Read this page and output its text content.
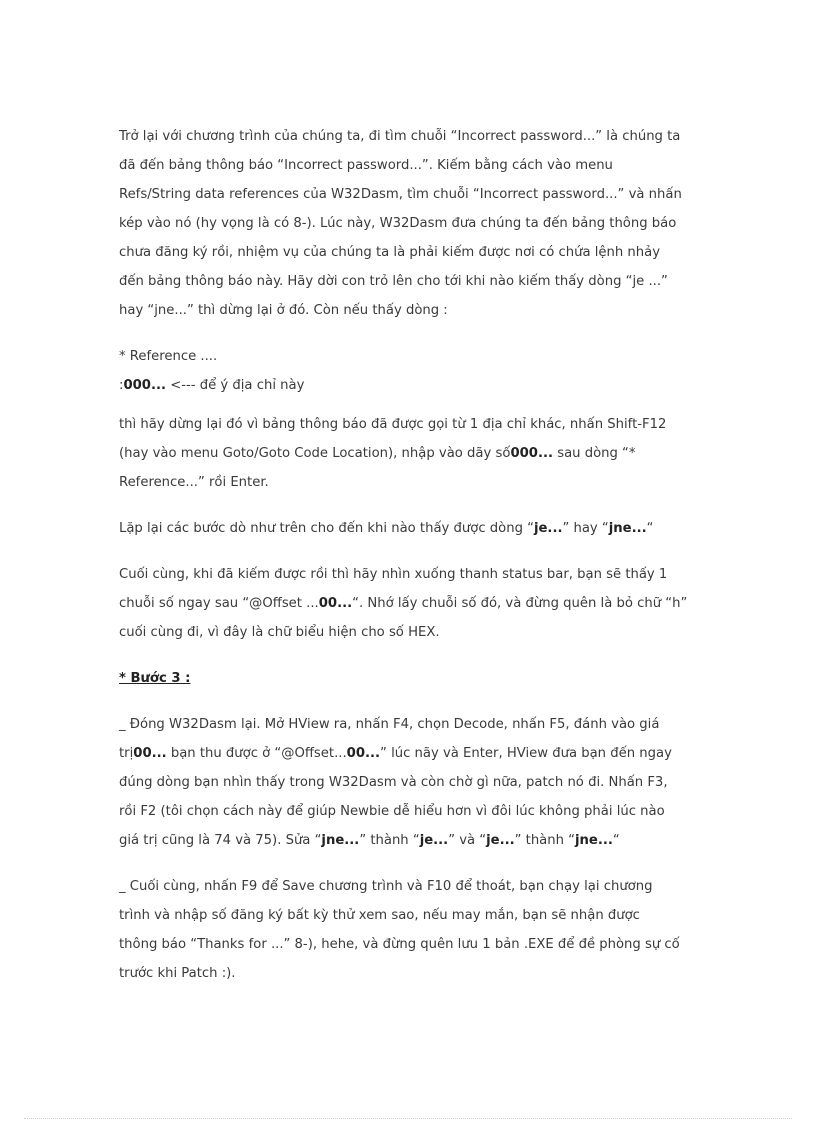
Trở lại với chương trình của chúng ta, đi tìm chuỗi “Incorrect password...” là chúng ta
đã đến bảng thông báo “Incorrect password...”. Kiếm bằng cách vào menu
Refs/String data references của W32Dasm, tìm chuỗi “Incorrect password...” và nhấn
kép vào nó (hy vọng là có 8-). Lúc này, W32Dasm đưa chúng ta đến bảng thông báo
chưa đăng ký rồi, nhiệm vụ của chúng ta là phải kiếm được nơi có chứa lệnh nhảy
đến bảng thông báo này. Hãy dời con trỏ lên cho tới khi nào kiếm thấy dòng “je ...”
hay “jne...” thì dừng lại ở đó. Còn nếu thấy dòng :
* Reference ....
:000... <--- để ý địa chỉ này
thì hãy dừng lại đó vì bảng thông báo đã được gọi từ 1 địa chỉ khác, nhấn Shift-F12
(hay vào menu Goto/Goto Code Location), nhập vào dãy số000... sau dòng “*
Reference...” rồi Enter.
Lặp lại các bước dò như trên cho đến khi nào thấy được dòng “je...” hay “jne...“
Cuối cùng, khi đã kiếm được rồi thì hãy nhìn xuống thanh status bar, bạn sẽ thấy 1
chuỗi số ngay sau “@Offset ...00...“. Nhớ lấy chuỗi số đó, và đừng quên là bỏ chữ “h”
cuối cùng đi, vì đây là chữ biểu hiện cho số HEX.
* Bước 3 :
_ Đóng W32Dasm lại. Mở HView ra, nhấn F4, chọn Decode, nhấn F5, đánh vào giá
trị00... bạn thu được ở “@Offset...00...” lúc nãy và Enter, HView đưa bạn đến ngay
đúng dòng bạn nhìn thấy trong W32Dasm và còn chờ gì nữa, patch nó đi. Nhấn F3,
rồi F2 (tôi chọn cách này để giúp Newbie dễ hiểu hơn vì đôi lúc không phải lúc nào
giá trị cũng là 74 và 75). Sửa “jne...” thành “je...” và “je...” thành “jne...“
_ Cuối cùng, nhấn F9 để Save chương trình và F10 để thoát, bạn chạy lại chương
trình và nhập số đăng ký bất kỳ thử xem sao, nếu may mắn, bạn sẽ nhận được
thông báo “Thanks for ...” 8-), hehe, và đừng quên lưu 1 bản .EXE để đề phòng sự cố
trước khi Patch :).
